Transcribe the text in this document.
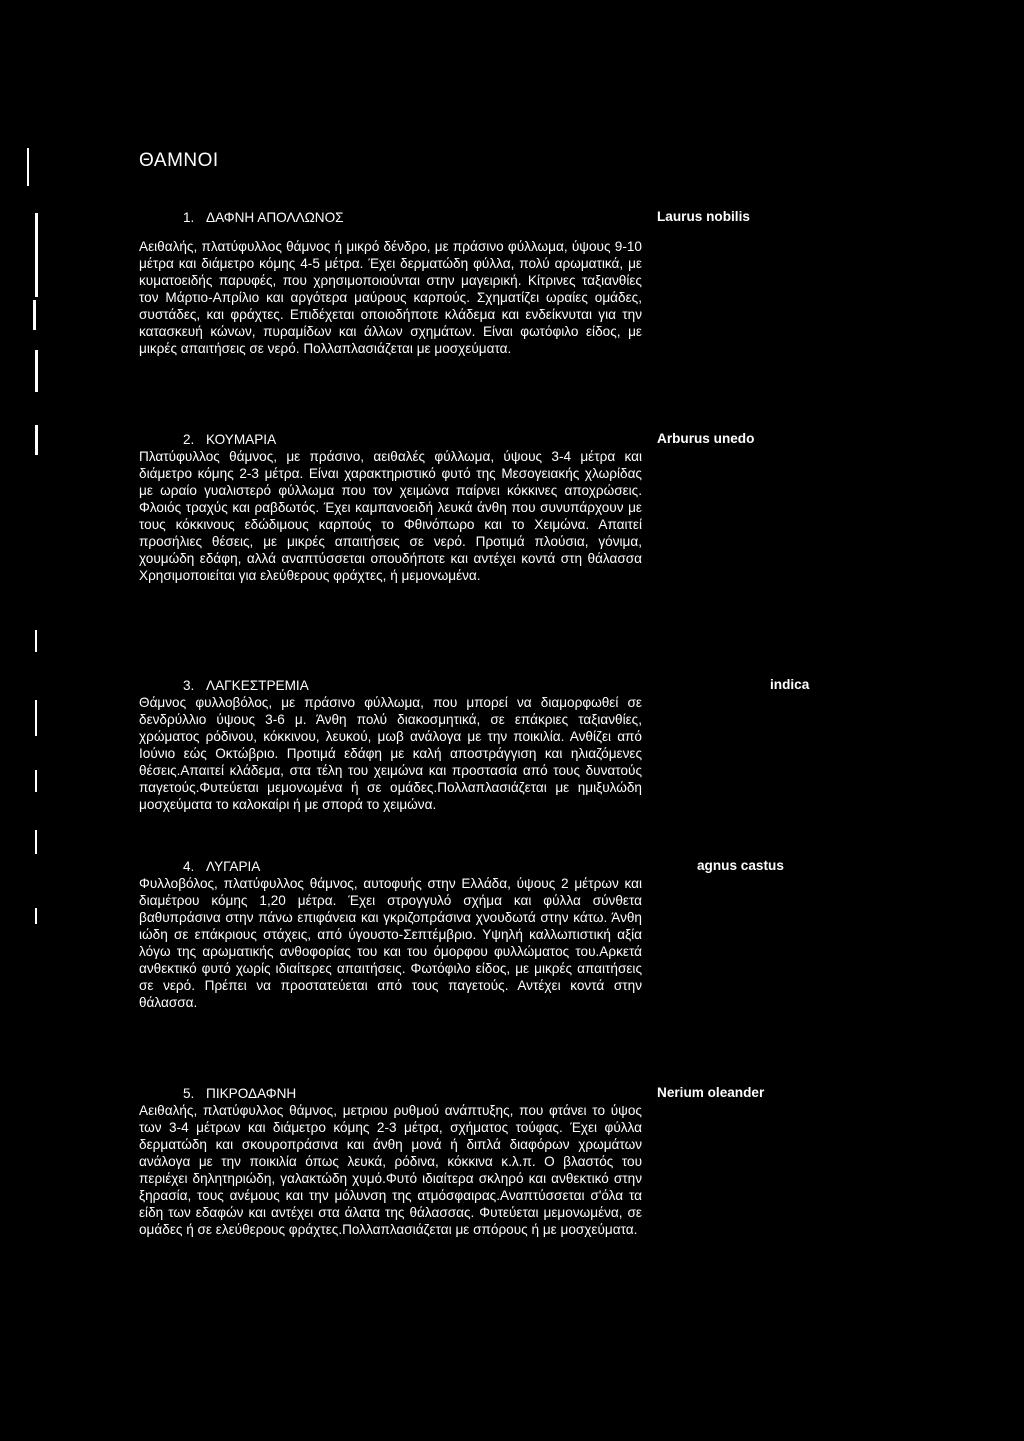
ΘΑΜΝΟΙ
1. ΔΑΦΝΗ ΑΠΟΛΛΩΝΟΣ
Αειθαλής, πλατύφυλλος θάμνος ή μικρό δένδρο, με πράσινο φύλλωμα, ύψους 9-10 μέτρα και διάμετρο κόμης 4-5 μέτρα. Έχει δερματώδη φύλλα, πολύ αρωματικά, με κυματοειδής παρυφές, που χρησιμοποιούνται στην μαγειρική. Κίτρινες ταξιανθίες τον Μάρτιο-Απρίλιο και αργότερα μαύρους καρπούς. Σχηματίζει ωραίες ομάδες, συστάδες, και φράχτες. Επιδέχεται οποιοδήποτε κλάδεμα και ενδείκνυται για την κατασκευή κώνων, πυραμίδων και άλλων σχημάτων. Είναι φωτόφιλο είδος, με μικρές απαιτήσεις σε νερό. Πολλαπλασιάζεται με μοσχεύματα.
Laurus nobilis
2. ΚΟΥΜΑΡΙΑ
Πλατύφυλλος θάμνος, με πράσινο, αειθαλές φύλλωμα, ύψους 3-4 μέτρα και διάμετρο κόμης 2-3 μέτρα. Είναι χαρακτηριστικό φυτό της Μεσογειακής χλωρίδας με ωραίο γυαλιστερό φύλλωμα που τον χειμώνα παίρνει κόκκινες αποχρώσεις. Φλοιός τραχύς και ραβδωτός. Έχει καμπανοειδή λευκά άνθη που συνυπάρχουν με τους κόκκινους εδώδιμους καρπούς το Φθινόπωρο και το Χειμώνα. Απαιτεί προσήλιες θέσεις, με μικρές απαιτήσεις σε νερό. Προτιμά πλούσια, γόνιμα, χουμώδη εδάφη, αλλά αναπτύσσεται οπουδήποτε και αντέχει κοντά στη θάλασσα Χρησιμοποιείται για ελεύθερους φράχτες, ή μεμονωμένα.
Arburus unedo
3. ΛΑΓΚΕΣΤΡΕΜΙΑ
Θάμνος φυλλοβόλος, με πράσινο φύλλωμα, που μπορεί να διαμορφωθεί σε δενδρύλλιο ύψους 3-6 μ. Άνθη πολύ διακοσμητικά, σε επάκριες ταξιανθίες, χρώματος ρόδινου, κόκκινου, λευκού, μωβ ανάλογα με την ποικιλία. Ανθίζει από Ιούνιο εώς Οκτώβριο. Προτιμά εδάφη με καλή αποστράγγιση και ηλιαζόμενες θέσεις.Απαιτεί κλάδεμα, στα τέλη του χειμώνα και προστασία από τους δυνατούς παγετούς.Φυτεύεται μεμονωμένα ή σε ομάδες.Πολλαπλασιάζεται με ημιξυλώδη μοσχεύματα το καλοκαίρι ή με σπορά το χειμώνα.
indica
4. ΛΥΓΑΡΙΑ
Φυλλοβόλος, πλατύφυλλος θάμνος, αυτοφυής στην Ελλάδα, ύψους 2 μέτρων και διαμέτρου κόμης 1,20 μέτρα. Έχει στρογγυλό σχήμα και φύλλα σύνθετα βαθυπράσινα στην πάνω επιφάνεια και γκριζοπράσινα χνουδωτά στην κάτω. Άνθη ιώδη σε επάκριους στάχεις, από ύγουστο-Σεπτέμβριο. Υψηλή καλλωπιστική αξία λόγω της αρωματικής ανθοφορίας του και του όμορφου φυλλώματος του.Αρκετά ανθεκτικό φυτό χωρίς ιδιαίτερες απαιτήσεις. Φωτόφιλο είδος, με μικρές απαιτήσεις σε νερό. Πρέπει να προστατεύεται από τους παγετούς. Αντέχει κοντά στην θάλασσα.
agnus castus
5. ΠΙΚΡΟΔΑΦΝΗ
Αειθαλής, πλατύφυλλος θάμνος, μετριου ρυθμού ανάπτυξης, που φτάνει το ύψος των 3-4 μέτρων και διάμετρο κόμης 2-3 μέτρα, σχήματος τούφας. Έχει φύλλα δερματώδη και σκουροπράσινα και άνθη μονά ή διπλά διαφόρων χρωμάτων ανάλογα με την ποικιλία όπως λευκά, ρόδινα, κόκκινα κ.λ.π. Ο βλαστός του περιέχει δηλητηριώδη, γαλακτώδη χυμό.Φυτό ιδιαίτερα σκληρό και ανθεκτικό στην ξηρασία, τους ανέμους και την μόλυνση της ατμόσφαιρας.Αναπτύσσεται σ'όλα τα είδη των εδαφών και αντέχει στα άλατα της θάλασσας. Φυτεύεται μεμονωμένα, σε ομάδες ή σε ελεύθερους φράχτες.Πολλαπλασιάζεται με σπόρους ή με μοσχεύματα.
Nerium oleander
